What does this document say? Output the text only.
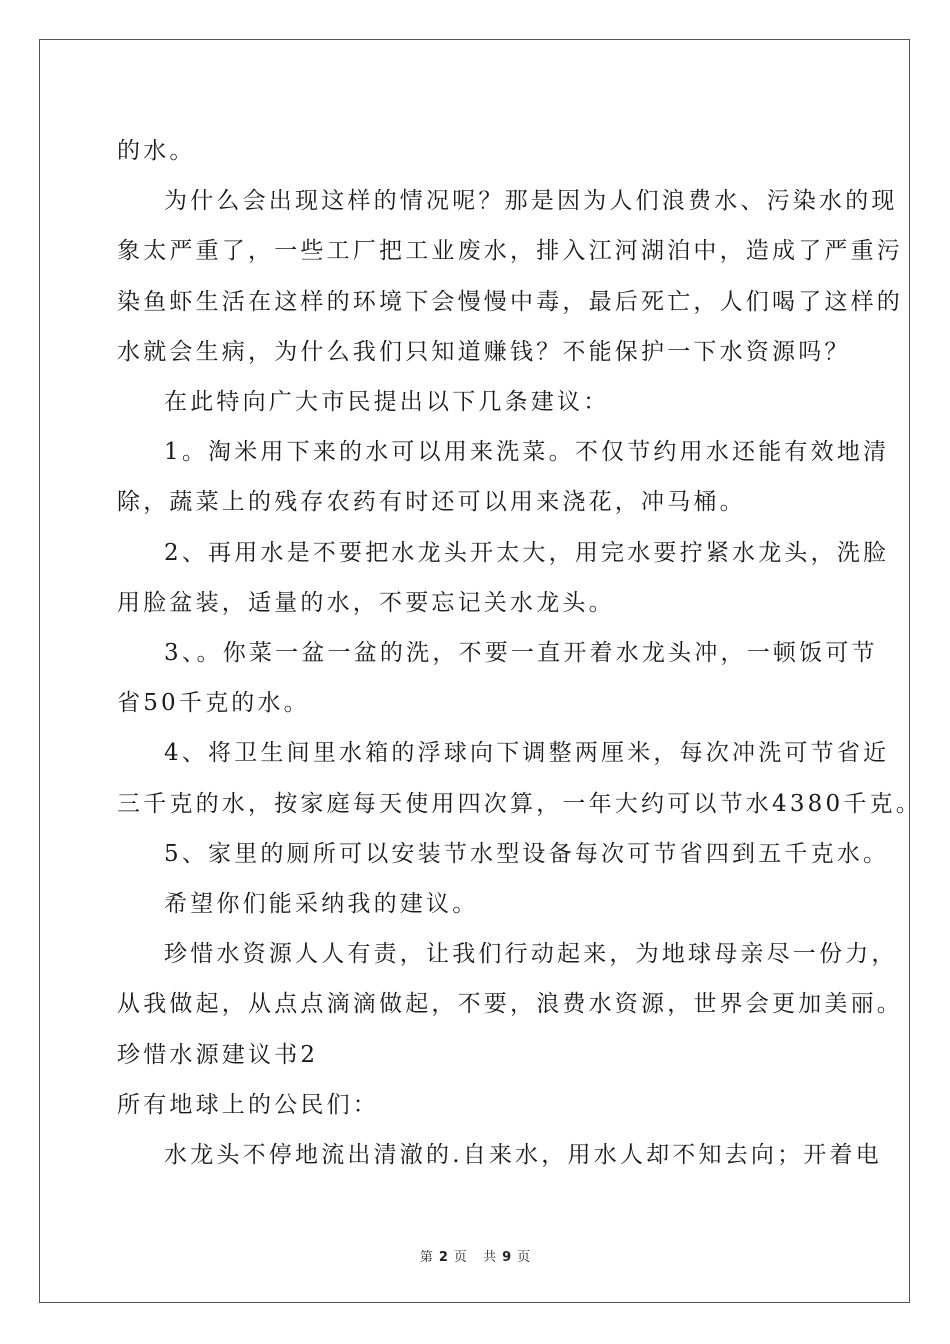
的水。
为什么会出现这样的情况呢？那是因为人们浪费水、污染水的现
象太严重了，一些工厂把工业废水，排入江河湖泊中，造成了严重污
染鱼虾生活在这样的环境下会慢慢中毒，最后死亡，人们喝了这样的
水就会生病，为什么我们只知道赚钱？不能保护一下水资源吗？
在此特向广大市民提出以下几条建议：
1。淘米用下来的水可以用来洗菜。不仅节约用水还能有效地清
除，蔬菜上的残存农药有时还可以用来浇花，冲马桶。
2、再用水是不要把水龙头开太大，用完水要拧紧水龙头，洗脸
用脸盆装，适量的水，不要忘记关水龙头。
3、。你菜一盆一盆的洗，不要一直开着水龙头冲，一顿饭可节
省50千克的水。
4、将卫生间里水箱的浮球向下调整两厘米，每次冲洗可节省近
三千克的水，按家庭每天使用四次算，一年大约可以节水4380千克。
5、家里的厕所可以安装节水型设备每次可节省四到五千克水。
希望你们能采纳我的建议。
珍惜水资源人人有责，让我们行动起来，为地球母亲尽一份力，
从我做起，从点点滴滴做起，不要，浪费水资源，世界会更加美丽。
珍惜水源建议书2
所有地球上的公民们：
水龙头不停地流出清澈的.自来水，用水人却不知去向；开着电
第 2 页 共 9 页
